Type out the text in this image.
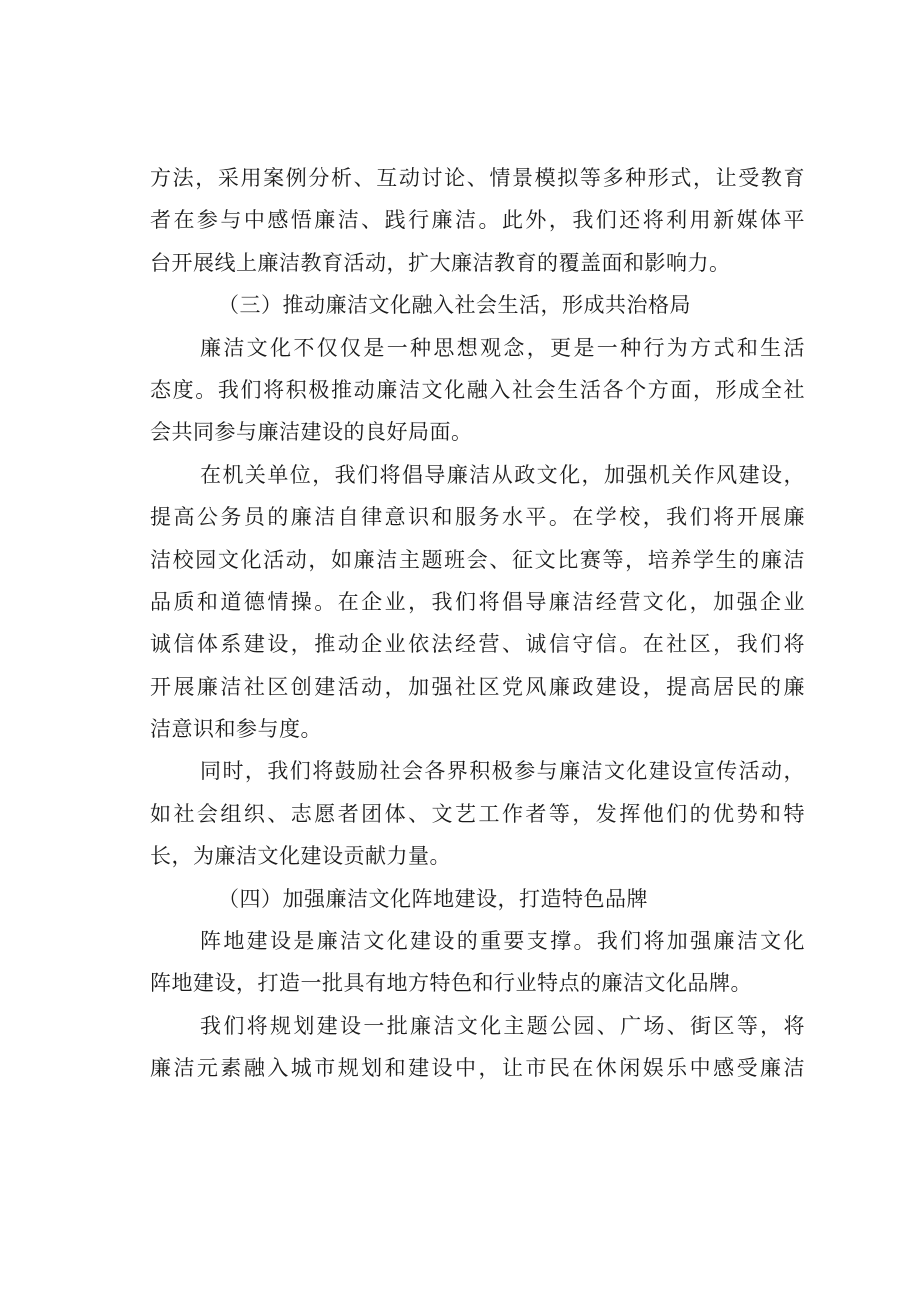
方法，采用案例分析、互动讨论、情景模拟等多种形式，让受教育
者在参与中感悟廉洁、践行廉洁。此外，我们还将利用新媒体平
台开展线上廉洁教育活动，扩大廉洁教育的覆盖面和影响力。
（三）推动廉洁文化融入社会生活，形成共治格局
廉洁文化不仅仅是一种思想观念，更是一种行为方式和生活
态度。我们将积极推动廉洁文化融入社会生活各个方面，形成全社
会共同参与廉洁建设的良好局面。
在机关单位，我们将倡导廉洁从政文化，加强机关作风建设，
提高公务员的廉洁自律意识和服务水平。在学校，我们将开展廉
洁校园文化活动，如廉洁主题班会、征文比赛等，培养学生的廉洁
品质和道德情操。在企业，我们将倡导廉洁经营文化，加强企业
诚信体系建设，推动企业依法经营、诚信守信。在社区，我们将
开展廉洁社区创建活动，加强社区党风廉政建设，提高居民的廉
洁意识和参与度。
同时，我们将鼓励社会各界积极参与廉洁文化建设宣传活动，
如社会组织、志愿者团体、文艺工作者等，发挥他们的优势和特
长，为廉洁文化建设贡献力量。
（四）加强廉洁文化阵地建设，打造特色品牌
阵地建设是廉洁文化建设的重要支撑。我们将加强廉洁文化
阵地建设，打造一批具有地方特色和行业特点的廉洁文化品牌。
我们将规划建设一批廉洁文化主题公园、广场、街区等，将
廉洁元素融入城市规划和建设中，让市民在休闲娱乐中感受廉洁
